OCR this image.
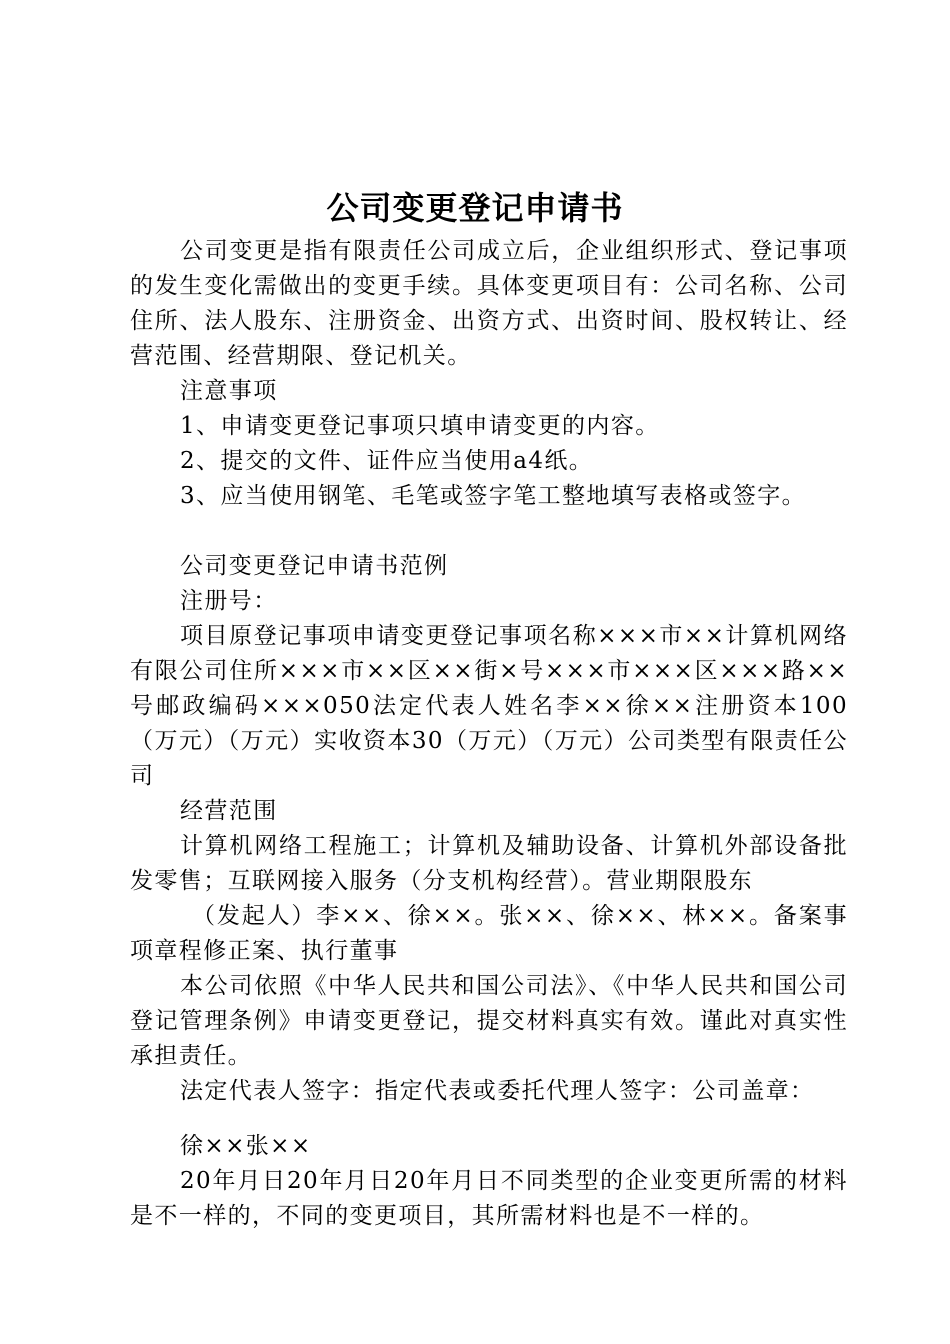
公司变更登记申请书

公司变更是指有限责任公司成立后，企业组织形式、登记事项的发生变化需做出的变更手续。具体变更项目有：公司名称、公司住所、法人股东、注册资金、出资方式、出资时间、股权转让、经营范围、经营期限、登记机关。

注意事项

1、申请变更登记事项只填申请变更的内容。

2、提交的文件、证件应当使用a4纸。

3、应当使用钢笔、毛笔或签字笔工整地填写表格或签字。

公司变更登记申请书范例

注册号：

项目原登记事项申请变更登记事项名称×××市××计算机网络有限公司住所×××市××区××街×号×××市×××区×××路××号邮政编码×××050法定代表人姓名李××徐××注册资本100（万元）（万元）实收资本30（万元）（万元）公司类型有限责任公司

经营范围

计算机网络工程施工；计算机及辅助设备、计算机外部设备批发零售；互联网接入服务（分支机构经营）。营业期限股东

（发起人）李××、徐××。张××、徐××、林××。备案事项章程修正案、执行董事

本公司依照《中华人民共和国公司法》、《中华人民共和国公司登记管理条例》申请变更登记，提交材料真实有效。谨此对真实性承担责任。

法定代表人签字：指定代表或委托代理人签字：公司盖章：

徐××张××

20年月日20年月日20年月日不同类型的企业变更所需的材料是不一样的，不同的变更项目，其所需材料也是不一样的。
